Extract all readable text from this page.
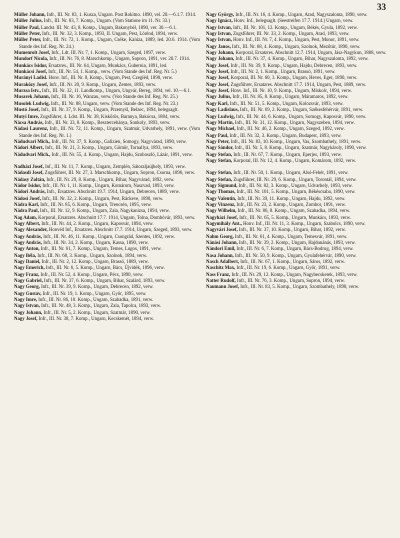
33

Müller Johann, Infr., III. Nr. 83, 1. Kusza, Ungarn. Post Rokitno. 1890, vel. 20.—6.1.7. 1914.

Müller Julius, Infr., III. Nr. 83, 7. Komp., Ungarn. (Vom Statione im 11. Nr. 33.)

Müller Paul, Landst. III. Nr. 43, 8. Komp., Ungarn, Bakonybél, 1890, ver. 30.—6.1.

Müller Peter, Infr., III. Nr. 32, 3. Komp., 1893, II. Ungarn, Pest, Lórénd, 1894, verw.

Müller Peter, Infr., III. Nr. 72, 1. Komp., Ungarn, Cséke, Kalúza, 1889, led. 20.6. 1914. (Vom Stande des Inf. Reg. Nr. 24.)

Mumenrolt Josef, Infr., Ldt. III. Nr. 7, 1. Komp., Ungarn, Szeged, 1897, verw.

Mundorf Nicola, Infr., III. Nr. 76, 8. Marschkomp., Ungarn, Sopron, 1891, ver. 20.7. 1914.

Munkács Isidor, Ersatzres., III. Nr. 64, Ungarn, Munkács, Gubernia, 1891, led.

Munkácsi Josef, Infr., III. Nr. 54, 1. Komp., verw. (Vom Stande des Inf. Reg. Nr. 5.)

Murányi Ladisl. Honv. Inf., III. Nr. 8, Komp., Ungarn, Pest, Czegléd, 1890, verw.

Muraközy Josef, Infr., III. Nr. 20, 9. Komp., Ungarn, Zemes, 1893, verw.

Murzsa Istv., Infr., III. Nr. 32, 11. Landkomp., Ungarn, Ungvár, Bereg, 1894, vel. 10.—6.1.

Musarek Johann, Infr., III. Nr. 16, Wanzau, verw. (Von Stande des Inf. Reg. Nr. 25.)

Musolek Ludwig, Inft., III. Nr. 88, Ungarn, verw. (Vom Stande des Inf. Reg. Nr. 23.)

Mustó Josef, Infr., III. Nr. 37, 9. Komp., Ungarn, Przemyśl, Belzec, 1894, belegsaglt.

Mutyi Imre, Zugsführer, 4. Ldst. III. Nr. 38, Kiskőrös, Baranya, Bakócsa, 1884, verw.

Nácsa András, Infr., III. Nr. 33, 8. Komp., Besztercebánya, Sonkoly, 1893, verw.

Nádasi Laurenz, Infr., III. Nr. 72, 11. Komp., Ungarn, Szatmár, Udvarhely, 1891, verw. (Vom Stande des Inf. Reg. Nr. 1.)

Nádudvari Mich., Infr., III. Nr. 37, 9. Komp., Galizien, Somogy, Nagyvárad, 1890, verw.

Nádori Albert, Infr., III. Nr. 21, 3. Komp., Ungarn, Gömör, Tornallya, 1893, verw.

Nádudvari Mich., Infr., III. Nr. 55, 4. Komp., Ungarn, Hajdu, Szoboszló, Lázár, 1891, verw.

Nadházi Josef, Inf., III. Nr. 11, 7. Komp., Ungarn, Zemplén, Sátoraljaújhely, 1893, verw.

Nádasdi Josef, Zugsführer, III. Nr. 27, 3. Marschkomp., Ungarn, Sopron, Csorna, 1896, verw.

Nádasy Zoltán, Infr., III. Nr. 29, 8. Komp., Ungarn, Bihar, Nagyvárad, 1892, verw.

Nádor Isidor, Infr., III. Nr. 1, 11. Komp., Ungarn, Komárom, Naszvad, 1893, verw.

Nádori András, Infr., Ersatzres. Abschnitt 19.7. 1914, Ungarn, Debrecen, 1889, verw.

Nádosi Josef, Infr., III. Nr. 32, 2. Komp., Ungarn, Pest, Ráckeve, 1890, verw.

Nádra Karl, Infr., III. Nr. 85, 6. Komp., Ungarn, Trencsén, 1895, verw.

Nádra Paul, Infr., III. Nr. 12, 9. Komp., Ungarn, Zala, Nagykanizsa, 1894, verw.

Nag Adam, Korporal, Ersatzres. Abschnitt 17.7. 1914, Ungarn, Tolna, Dombóvár, 1893, verw.

Nagy Albert, Infr., III. Nr. 44, 2. Komp., Ungarn, Kaposvár, 1894, verw.

Nagy Alexander, Honvéd Inf., Ersatzres. Abschnitt 17.7. 1914, Ungarn, Szeged, 1893, verw.

Nagy András, Infr., III. Nr. 46, 11. Komp., Ungarn, Csongrád, Szentes, 1892, verw.

Nagy András, Infr., III. Nr. 34, 2. Komp., Ungarn, Kassa, 1890, verw.

Nagy Anton, Infr., III. Nr. 61, 7. Komp., Ungarn, Temes, Lugos, 1891, verw.

Nagy Béla, Infr., III. Nr. 68, 3. Komp., Ungarn, Szolnok, 1894, verw.

Nagy Daniel, Infr., III. Nr. 2, 12. Komp., Ungarn, Brassó, 1889, verw.

Nagy Emerich, Infr., III. Nr. 6, 5. Komp., Ungarn, Bács, Újvidék, 1896, verw.

Nagy Franz, Infr., III. Nr. 52, 4. Komp., Ungarn, Pécs, 1890, verw.

Nagy Gabriel, Infr., III. Nr. 37, 6. Komp., Ungarn, Bihar, Szalárd, 1893, verw.

Nagy Georg, Infr., III. Nr. 39, 9. Komp., Ungarn, Debrecen, 1892, verw.

Nagy Gustav, Infr., III. Nr. 19, 1. Komp., Ungarn, Győr, 1895, verw.

Nagy Imre, Infr., III. Nr. 86, 10. Komp., Ungarn, Szabadka, 1891, verw.

Nagy Istvan, Infr., III. Nr. 48, 3. Komp., Ungarn, Zala, Tapolca, 1893, verw.

Nagy Johann, Infr., III. Nr. 5, 2. Komp., Ungarn, Szatmár, 1890, verw.

Nagy Josef, Infr., III. Nr. 38, 7. Komp., Ungarn, Kecskemét, 1894, verw.

Nagy György, Infr., III. Nr. 16, 4. Komp., Ungarn, Arad, Nagyszalonta, 1890, verw.

Nagy Ignácz, Honv. Inf., belegsaglt. (Seestreifen 17.7. 1914.) Ungarn, verw.

Nagy Istvan, Infr., III. Nr. 101, 12. Komp., Ungarn, Békés, Gyula, 1892, verw.

Nagy Istvan, Zugsführer, III. Nr. 33, 2. Komp., Ungarn, Arad, 1893, verw.

Nagy Istvan, Honv. Inf., III. Nr. 7, 4. Komp., Ungarn, Pest, Monor, 1891, verw.

Nagy Janos, Infr., III. Nr. 68, 4. Komp., Ungarn, Szolnok, Mezőtúr, 1890, verw.

Nagy Johann, Korporal, Ersatzres. Abschnitt 12.7. 1914, Ungarn, Jász-Nagykun, 1888, verw.

Nagy Johann, Infr., III. Nr. 37, 4. Komp., Ungarn, Bihar, Nagyszalonta, 1892, verw.

Nagy Josef, Infr., III. Nr. 39, 9. Komp., Ungarn, Hajdu, Debrecen, 1893, verw.

Nagy Josef, Infr., III. Nr. 2, 1. Komp., Ungarn, Brassó, 1891, verw.

Nagy Josef, Korporal, III. Nr. 60, 3. Komp., Ungarn, Heves, Eger, 1890, verw.

Nagy Josef, Zugsführer, Ersatzres. Abschnitt 17.7. 1914, Ungarn, Pest, 1889, verw.

Nagy Josef, Honv. Inf., III. Nr. 10, 9. Komp., Ungarn, Miskolc, 1894, verw.

Nagy Julius, Infr., III. Nr. 85, 8. Komp., Ungarn, Máramaros, 1892, verw.

Nagy Karl, Infr., III. Nr. 51, 5. Komp., Ungarn, Kolozsvár, 1893, verw.

Nagy Ladislaus, Infr., III. Nr. 69, 2. Komp., Ungarn, Székesfehérvár, 1891, verw.

Nagy Ludwig, Infr., III. Nr. 44, 6. Komp., Ungarn, Somogy, Kaposvár, 1890, verw.

Nagy Martin, Infr., III. Nr. 31, 12. Komp., Ungarn, Nagyszeben, 1894, verw.

Nagy Michael, Infr., III. Nr. 46, 2. Komp., Ungarn, Szeged, 1892, verw.

Nagy Paul, Infr., III. Nr. 32, 3. Komp., Ungarn, Budapest, 1893, verw.

Nagy Peter, Infr., III. Nr. 83, 10. Komp., Ungarn, Vas, Szombathely, 1891, verw.

Nagy Sándor, Infr., III. Nr. 5, 8. Komp., Ungarn, Szatmár, Nagykároly, 1890, verw.

Nagy Stefan, Infr., III. Nr. 67, 7. Komp., Ungarn, Eperjes, 1893, verw.

Nagy Stefan, Korporal, III. Nr. 12, 4. Komp., Ungarn, Komárom, 1892, verw.

Nagy Stefan, Infr., III. Nr. 50, 1. Komp., Ungarn, Alsó-Fehér, 1891, verw.

Nagy Stefan, Zugsführer, III. Nr. 29, 6. Komp., Ungarn, Torontál, 1894, verw.

Nagy Sigmund, Infr., III. Nr. 82, 3. Komp., Ungarn, Udvarhely, 1893, verw.

Nagy Thomas, Infr., III. Nr. 101, 5. Komp., Ungarn, Békéscsaba, 1890, verw.

Nagy Valentin, Infr., III. Nr. 39, 11. Komp., Ungarn, Hajdu, 1892, verw.

Nagy Vinzenz, Infr., III. Nr. 23, 2. Komp., Ungarn, Zombor, 1891, verw.

Nagy Wilhelm, Infr., III. Nr. 86, 8. Komp., Ungarn, Szabadka, 1894, verw.

Nagyházi Josef, Infr., III. Nr. 65, 5. Komp., Ungarn, Munkács, 1893, verw.

Nagymihály Ant., Honv. Inf., III. Nr. 11, 3. Komp., Ungarn, Szabolcs, 1890, verw.

Nagyvári Josef, Infr., III. Nr. 37, 10. Komp., Ungarn, Bihar, 1892, verw.

Nahm Georg, Infr., III. Nr. 61, 4. Komp., Ungarn, Temesvár, 1891, verw.

Nánási Johann, Infr., III. Nr. 39, 2. Komp., Ungarn, Hajdunánás, 1893, verw.

Nándori Emil, Infr., III. Nr. 6, 7. Komp., Ungarn, Bács-Bodrog, 1894, verw.

Nasa Johann, Infr., III. Nr. 50, 9. Komp., Ungarn, Gyulafehérvár, 1890, verw.

Nasch Adalbert, Infr., III. Nr. 67, 1. Komp., Ungarn, Sáros, 1892, verw.

Naschitz Max, Infr., III. Nr. 19, 6. Komp., Ungarn, Győr, 1891, verw.

Nass Franz, Infr., III. Nr. 29, 12. Komp., Ungarn, Nagybecskerek, 1893, verw.

Natter Rudolf, Infr., III. Nr. 76, 3. Komp., Ungarn, Sopron, 1894, verw.

Naumann Josef, Infr., III. Nr. 83, 5. Komp., Ungarn, Szombathely, 1890, verw.
